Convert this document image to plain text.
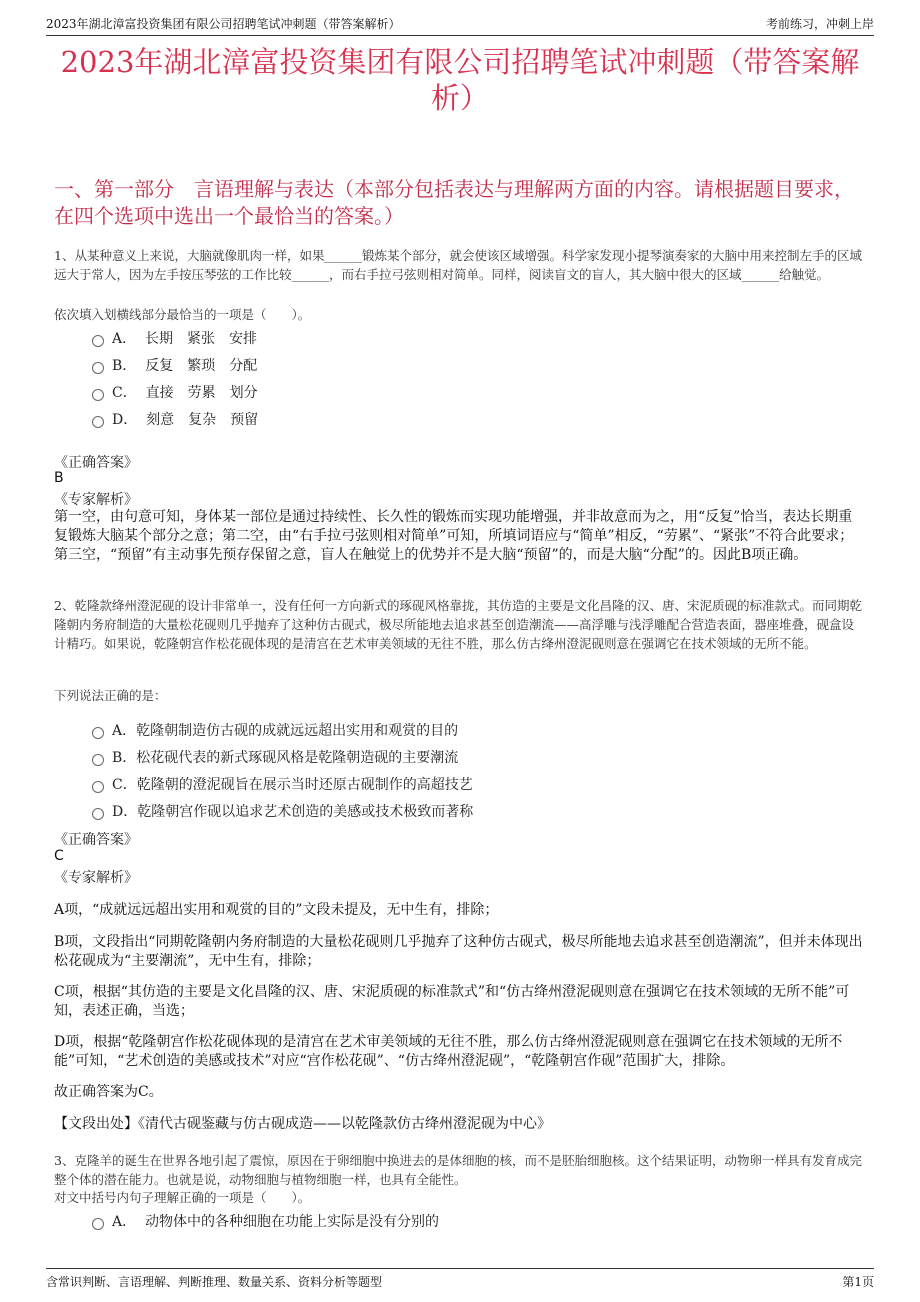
2023年湖北漳富投资集团有限公司招聘笔试冲刺题（带答案解析）	考前练习，冲刺上岸
2023年湖北漳富投资集团有限公司招聘笔试冲刺题（带答案解析）
一、第一部分　言语理解与表达（本部分包括表达与理解两方面的内容。请根据题目要求，在四个选项中选出一个最恰当的答案。）
1、从某种意义上来说，大脑就像肌肉一样，如果______锻炼某个部分，就会使该区域增强。科学家发现小提琴演奏家的大脑中用来控制左手的区域远大于常人，因为左手按压琴弦的工作比较______，而右手拉弓弦则相对简单。同样，阅读盲文的盲人，其大脑中很大的区域______给触觉。
依次填入划横线部分最恰当的一项是（　　）。
A．  长期　紧张　安排
B．  反复　繁琐　分配
C．  直接　劳累　划分
D．  刻意　复杂　预留
《正确答案》
B
《专家解析》
第一空，由句意可知，身体某一部位是通过持续性、长久性的锻炼而实现功能增强，并非故意而为之，用“反复”恰当，表达长期重复锻炼大脑某个部分之意；第二空，由“右手拉弓弦则相对简单”可知，所填词语应与“简单”相反，“劳累”、“紧张”不符合此要求；第三空，“预留”有主动事先预存保留之意，盲人在触觉上的优势并不是大脑“预留”的，而是大脑“分配”的。因此B项正确。
2、乾隆款绛州澄泥砚的设计非常单一，没有任何一方向新式的琢砚风格靠拢，其仿造的主要是文化昌隆的汉、唐、宋泥质砚的标准款式。而同期乾隆朝内务府制造的大量松花砚则几乎抛弃了这种仿古砚式，极尽所能地去追求甚至创造潮流——高浮雕与浅浮雕配合营造表面，器座堆叠，砚盒设计精巧。如果说，乾隆朝宫作松花砚体现的是清宫在艺术审美领域的无往不胜，那么仿古绛州澄泥砚则意在强调它在技术领域的无所不能。
下列说法正确的是：
A．乾隆朝制造仿古砚的成就远远超出实用和观赏的目的
B．松花砚代表的新式琢砚风格是乾隆朝造砚的主要潮流
C．乾隆朝的澄泥砚旨在展示当时还原古砚制作的高超技艺
D．乾隆朝宫作砚以追求艺术创造的美感或技术极致而著称
《正确答案》
C
《专家解析》
A项，“成就远远超出实用和观赏的目的”文段未提及，无中生有，排除；
B项，文段指出“同期乾隆朝内务府制造的大量松花砚则几乎抛弃了这种仿古砚式，极尽所能地去追求甚至创造潮流”，但并未体现出松花砚成为“主要潮流”，无中生有，排除；
C项，根据“其仿造的主要是文化昌隆的汉、唐、宋泥质砚的标准款式”和“仿古绛州澄泥砚则意在强调它在技术领域的无所不能”可知，表述正确，当选；
D项，根据“乾隆朝宫作松花砚体现的是清宫在艺术审美领域的无往不胜，那么仿古绛州澄泥砚则意在强调它在技术领域的无所不能”可知，“艺术创造的美感或技术”对应“宫作松花砚”、“仿古绛州澄泥砚”，“乾隆朝宫作砚”范围扩大，排除。
故正确答案为C。
【文段出处】《清代古砚鉴藏与仿古砚成造——以乾隆款仿古绛州澄泥砚为中心》
3、克隆羊的诞生在世界各地引起了震惊，原因在于卵细胞中换进去的是体细胞的核，而不是胚胎细胞核。这个结果证明，动物卵一样具有发育成完整个体的潜在能力。也就是说，动物细胞与植物细胞一样，也具有全能性。
对文中括号内句子理解正确的一项是（　　）。
A．  动物体中的各种细胞在功能上实际是没有分别的
含常识判断、言语理解、判断推理、数量关系、资料分析等题型	第1页
